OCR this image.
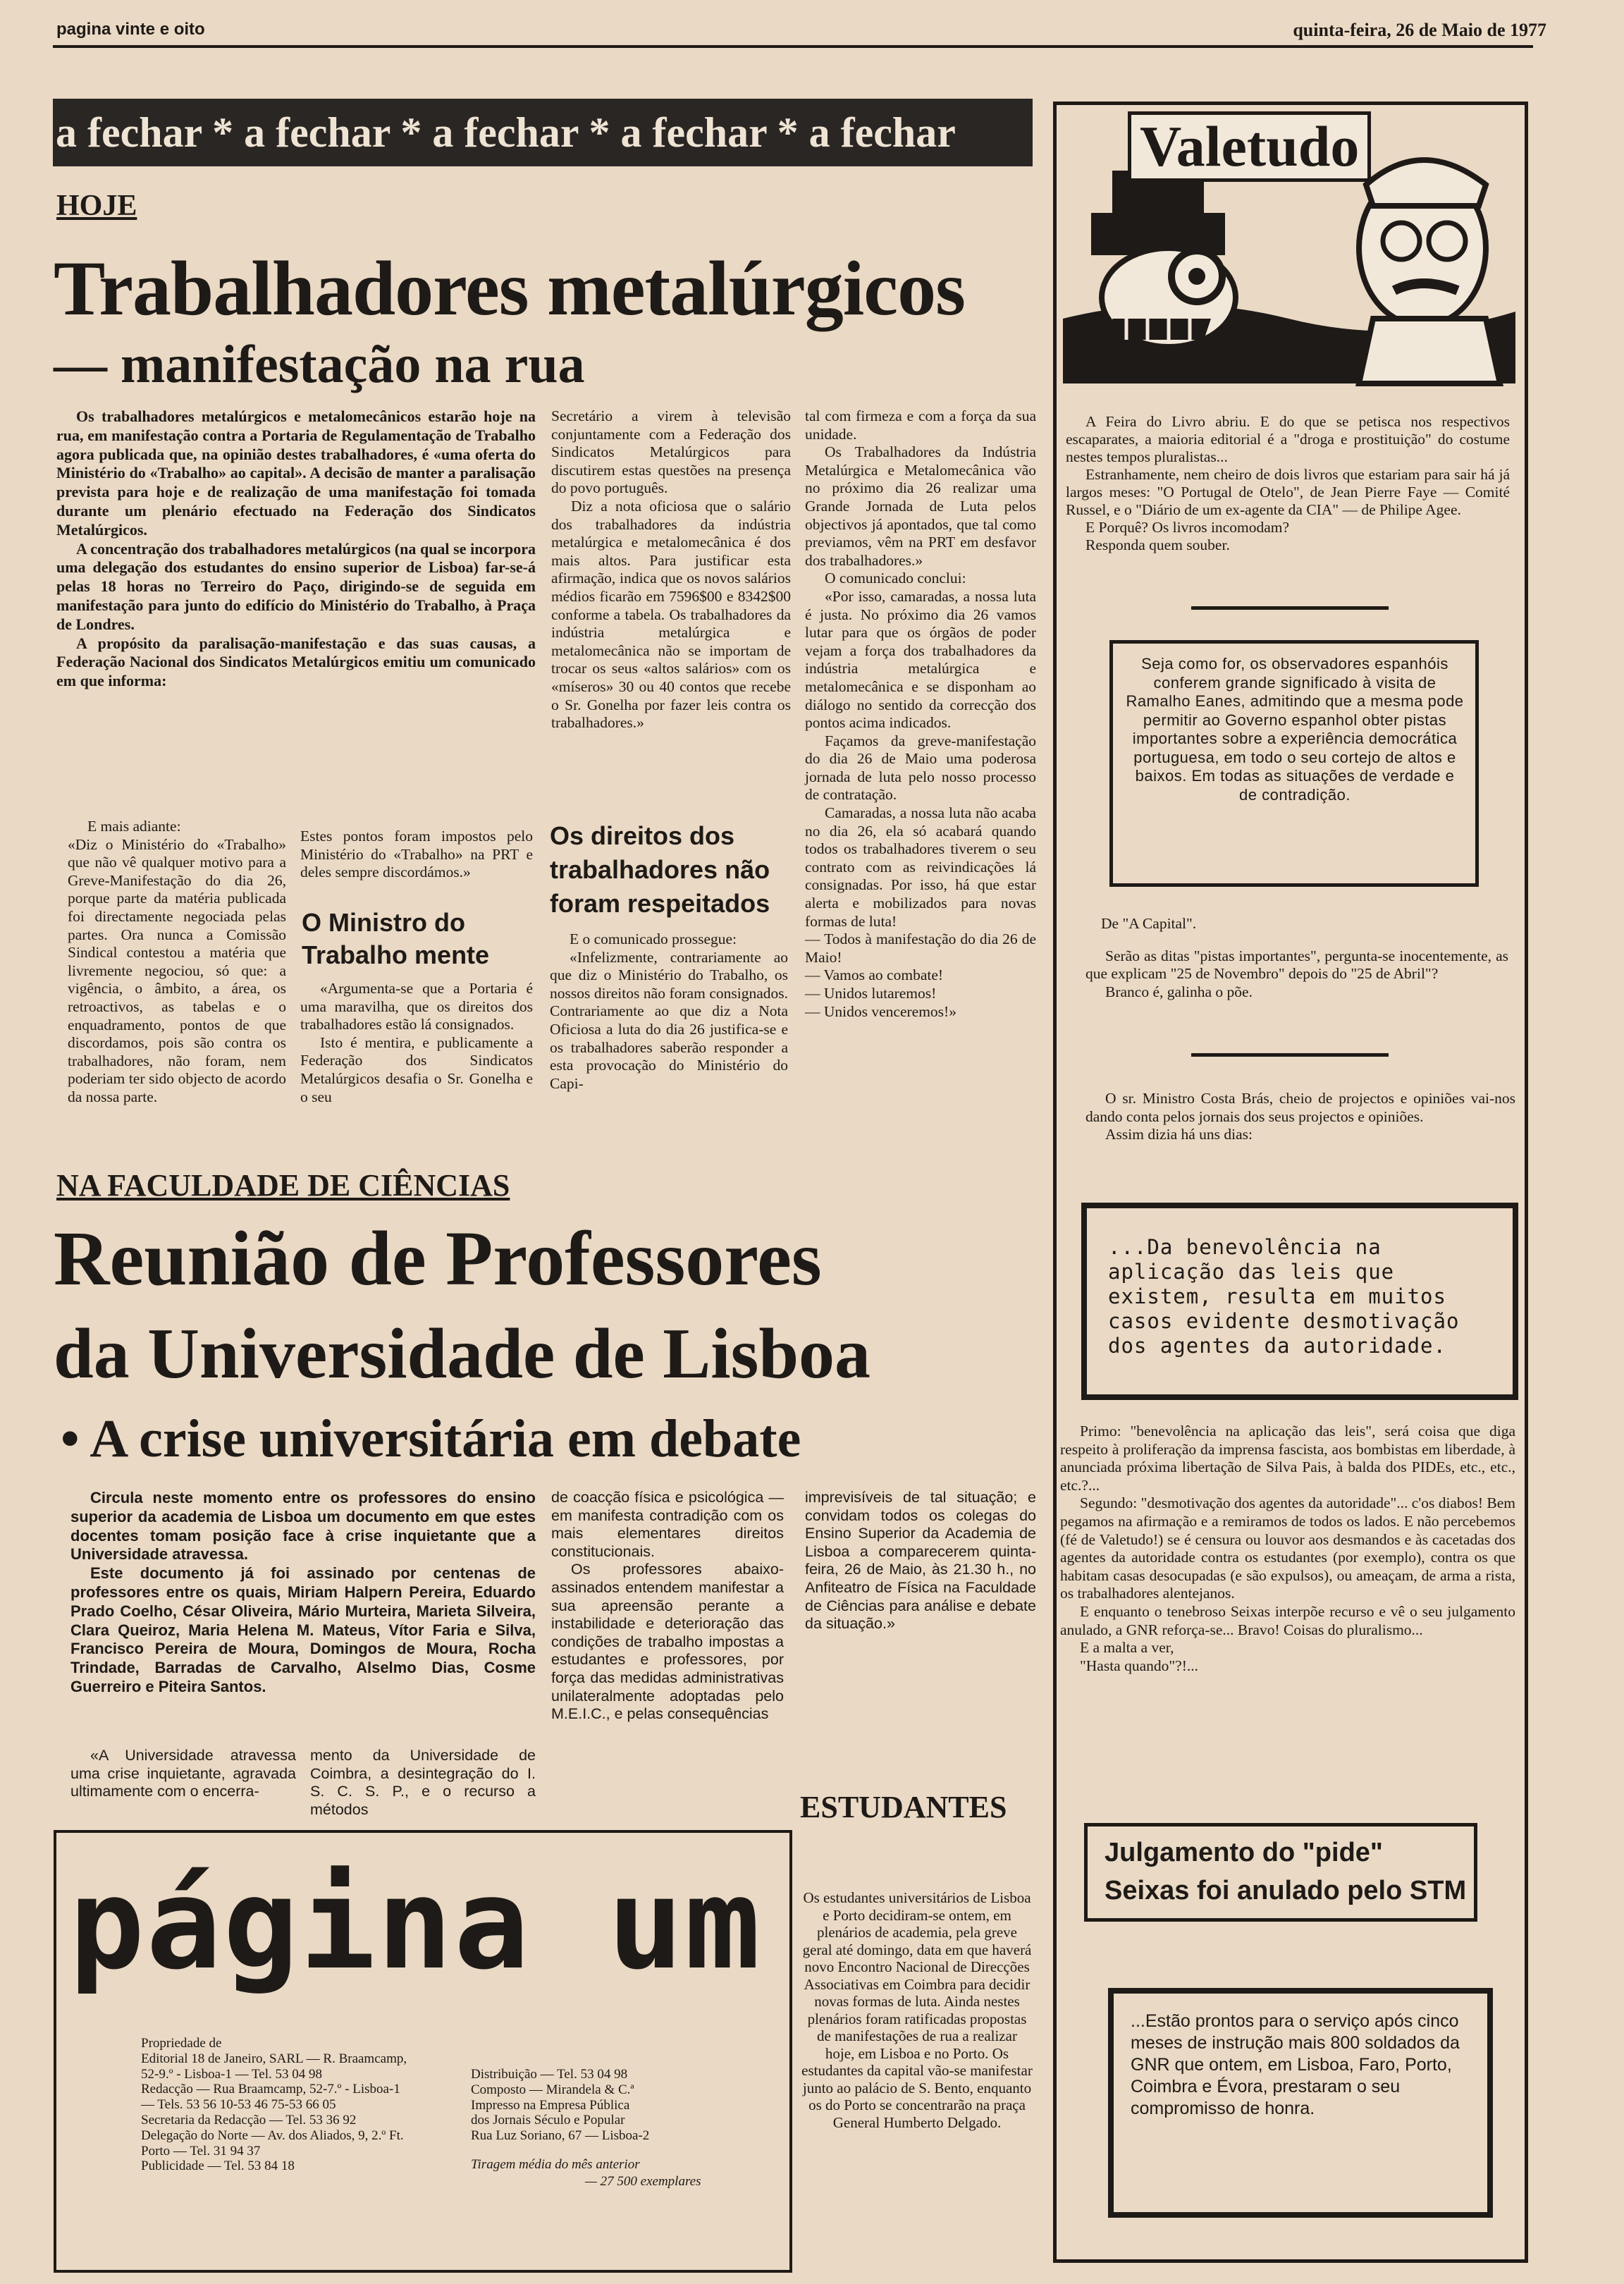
pagina vinte e oito	quinta-feira, 26 de Maio de 1977
a fechar * a fechar * a fechar * a fechar * a fechar
HOJE
Trabalhadores metalúrgicos
— manifestação na rua

Os trabalhadores metalúrgicos e metalomecânicos estarão hoje na rua, em manifestação contra a Portaria de Regulamentação de Trabalho agora publicada que, na opinião destes trabalhadores, é «uma oferta do Ministério do «Trabalho» ao capital». A decisão de manter a paralisação prevista para hoje e de realização de uma manifestação foi tomada durante um plenário efectuado na Federação dos Sindicatos Metalúrgicos.

A concentração dos trabalhadores metalúrgicos (na qual se incorpora uma delegação dos estudantes do ensino superior de Lisboa) far-se-á pelas 18 horas no Terreiro do Paço, dirigindo-se de seguida em manifestação para junto do edifício do Ministério do Trabalho, à Praça de Londres.

A propósito da paralisação-manifestação e das suas causas, a Federação Nacional dos Sindicatos Metalúrgicos emitiu um comunicado em que informa:

Secretário a virem à televisão conjuntamente com a Federação dos Sindicatos Metalúrgicos para discutirem estas questões na presença do povo português.

Diz a nota oficiosa que o salário dos trabalhadores da indústria metalúrgica e metalomecânica é dos mais altos. Para justificar esta afirmação, indica que os novos salários médios ficarão em 7596$00 e 8342$00 conforme a tabela. Os trabalhadores da indústria metalúrgica e metalomecânica não se importam de trocar os seus «altos salários» com os «míseros» 30 ou 40 contos que recebe o Sr. Gonelha por fazer leis contra os trabalhadores.»

tal com firmeza e com a força da sua unidade.

Os Trabalhadores da Indústria Metalúrgica e Metalomecânica vão no próximo dia 26 realizar uma Grande Jornada de Luta pelos objectivos já apontados, que tal como previamos, vêm na PRT em desfavor dos trabalhadores.»

O comunicado conclui:

«Por isso, camaradas, a nossa luta é justa. No próximo dia 26 vamos lutar para que os órgãos de poder vejam a força dos trabalhadores da indústria metalúrgica e metalomecânica e se disponham ao diálogo no sentido da correcção dos pontos acima indicados.

Façamos da greve-manifestação do dia 26 de Maio uma poderosa jornada de luta pelo nosso processo de contratação.

Camaradas, a nossa luta não acaba no dia 26, ela só acabará quando todos os trabalhadores tiverem o seu contrato com as reivindicações lá consignadas. Por isso, há que estar alerta e mobilizados para novas formas de luta!

— Todos à manifestação do dia 26 de Maio!

— Vamos ao combate!

— Unidos lutaremos!

— Unidos venceremos!»

E mais adiante:

«Diz o Ministério do «Trabalho» que não vê qualquer motivo para a Greve-Manifestação do dia 26, porque parte da matéria publicada foi directamente negociada pelas partes. Ora nunca a Comissão Sindical contestou a matéria que livremente negociou, só que: a vigência, o âmbito, a área, os retroactivos, as tabelas e o enquadramento, pontos de que discordamos, pois são contra os trabalhadores, não foram, nem poderiam ter sido objecto de acordo da nossa parte.

Estes pontos foram impostos pelo Ministério do «Trabalho» na PRT e deles sempre discordámos.»

O Ministro do Trabalho mente

«Argumenta-se que a Portaria é uma maravilha, que os direitos dos trabalhadores estão lá consignados.

Isto é mentira, e publicamente a Federação dos Sindicatos Metalúrgicos desafia o Sr. Gonelha e o seu

Os direitos dos trabalhadores não foram respeitados

E o comunicado prossegue:

«Infelizmente, contrariamente ao que diz o Ministério do Trabalho, os nossos direitos não foram consignados. Contrariamente ao que diz a Nota Oficiosa a luta do dia 26 justifica-se e os trabalhadores saberão responder a esta provocação do Ministério do Capi-

NA FACULDADE DE CIÊNCIAS
Reunião de Professores
da Universidade de Lisboa
• A crise universitária em debate

Circula neste momento entre os professores do ensino superior da academia de Lisboa um documento em que estes docentes tomam posição face à crise inquietante que a Universidade atravessa.

Este documento já foi assinado por centenas de professores entre os quais, Miriam Halpern Pereira, Eduardo Prado Coelho, César Oliveira, Mário Murteira, Marieta Silveira, Clara Queiroz, Maria Helena M. Mateus, Vítor Faria e Silva, Francisco Pereira de Moura, Domingos de Moura, Rocha Trindade, Barradas de Carvalho, Alselmo Dias, Cosme Guerreiro e Piteira Santos.

«A Universidade atravessa uma crise inquietante, agravada ultimamente com o encerra-

mento da Universidade de Coimbra, a desintegração do I. S. C. S. P., e o recurso a métodos

de coacção física e psicológica — em manifesta contradição com os mais elementares direitos constitucionais.

Os professores abaixo-assinados entendem manifestar a sua apreensão perante a instabilidade e deterioração das condições de trabalho impostas a estudantes e professores, por força das medidas administrativas unilateralmente adoptadas pelo M.E.I.C., e pelas consequências

imprevisíveis de tal situação; e convidam todos os colegas do Ensino Superior da Academia de Lisboa a comparecerem quinta-feira, 26 de Maio, às 21.30 h., no Anfiteatro de Física na Faculdade de Ciências para análise e debate da situação.»

ESTUDANTES

Os estudantes universitários de Lisboa e Porto decidiram-se ontem, em plenários de academia, pela greve geral até domingo, data em que haverá novo Encontro Nacional de Direcções Associativas em Coimbra para decidir novas formas de luta. Ainda nestes plenários foram ratificadas propostas de manifestações de rua a realizar hoje, em Lisboa e no Porto. Os estudantes da capital vão-se manifestar junto ao palácio de S. Bento, enquanto os do Porto se concentrarão na praça General Humberto Delgado.

página um
Propriedade de
Editorial 18 de Janeiro, SARL — R. Braamcamp,
52-9.º - Lisboa-1 — Tel. 53 04 98
Redacção — Rua Braamcamp, 52-7.º - Lisboa-1
— Tels. 53 56 10-53 46 75-53 66 05
Secretaria da Redacção — Tel. 53 36 92
Delegação do Norte — Av. dos Aliados, 9, 2.º Ft.
Porto — Tel. 31 94 37
Publicidade — Tel. 53 84 18
Distribuição — Tel. 53 04 98
Composto — Mirandela & C.ª
Impresso na Empresa Pública
dos Jornais Século e Popular
Rua Luz Soriano, 67 — Lisboa-2
Tiragem média do mês anterior
— 27 500 exemplares
Valetudo

A Feira do Livro abriu. E do que se petisca nos respectivos escaparates, a maioria editorial é a "droga e prostituição" do costume nestes tempos pluralistas...

Estranhamente, nem cheiro de dois livros que estariam para sair há já largos meses: "O Portugal de Otelo", de Jean Pierre Faye — Comité Russel, e o "Diário de um ex-agente da CIA" — de Philipe Agee.

E Porquê? Os livros incomodam?

Responda quem souber.

Seja como for, os observadores espanhóis conferem grande significado à visita de Ramalho Eanes, admitindo que a mesma pode permitir ao Governo espanhol obter pistas importantes sobre a experiência democrática portuguesa, em todo o seu cortejo de altos e baixos. Em todas as situações de verdade e de contradição.

De "A Capital".

Serão as ditas "pistas importantes", pergunta-se inocentemente, as que explicam "25 de Novembro" depois do "25 de Abril"?

Branco é, galinha o põe.

O sr. Ministro Costa Brás, cheio de projectos e opiniões vai-nos dando conta pelos jornais dos seus projectos e opiniões.

Assim dizia há uns dias:

...Da benevolência na aplicação das leis que existem, resulta em muitos casos evidente desmotivação dos agentes da autoridade.

Primo: "benevolência na aplicação das leis", será coisa que diga respeito à proliferação da imprensa fascista, aos bombistas em liberdade, à anunciada próxima libertação de Silva Pais, à balda dos PIDEs, etc., etc., etc.?...

Segundo: "desmotivação dos agentes da autoridade"... c'os diabos! Bem pegamos na afirmação e a remiramos de todos os lados. E não percebemos (fé de Valetudo!) se é censura ou louvor aos desmandos e às cacetadas dos agentes da autoridade contra os estudantes (por exemplo), contra os que habitam casas desocupadas (e são expulsos), ou ameaçam, de arma a rista, os trabalhadores alentejanos.

E enquanto o tenebroso Seixas interpõe recurso e vê o seu julgamento anulado, a GNR reforça-se... Bravo! Coisas do pluralismo...

E a malta a ver,

"Hasta quando"?!...

Julgamento do "pide" Seixas foi anulado pelo STM
...Estão prontos para o serviço após cinco meses de instrução mais 800 soldados da GNR que ontem, em Lisboa, Faro, Porto, Coimbra e Évora, prestaram o seu compromisso de honra.
